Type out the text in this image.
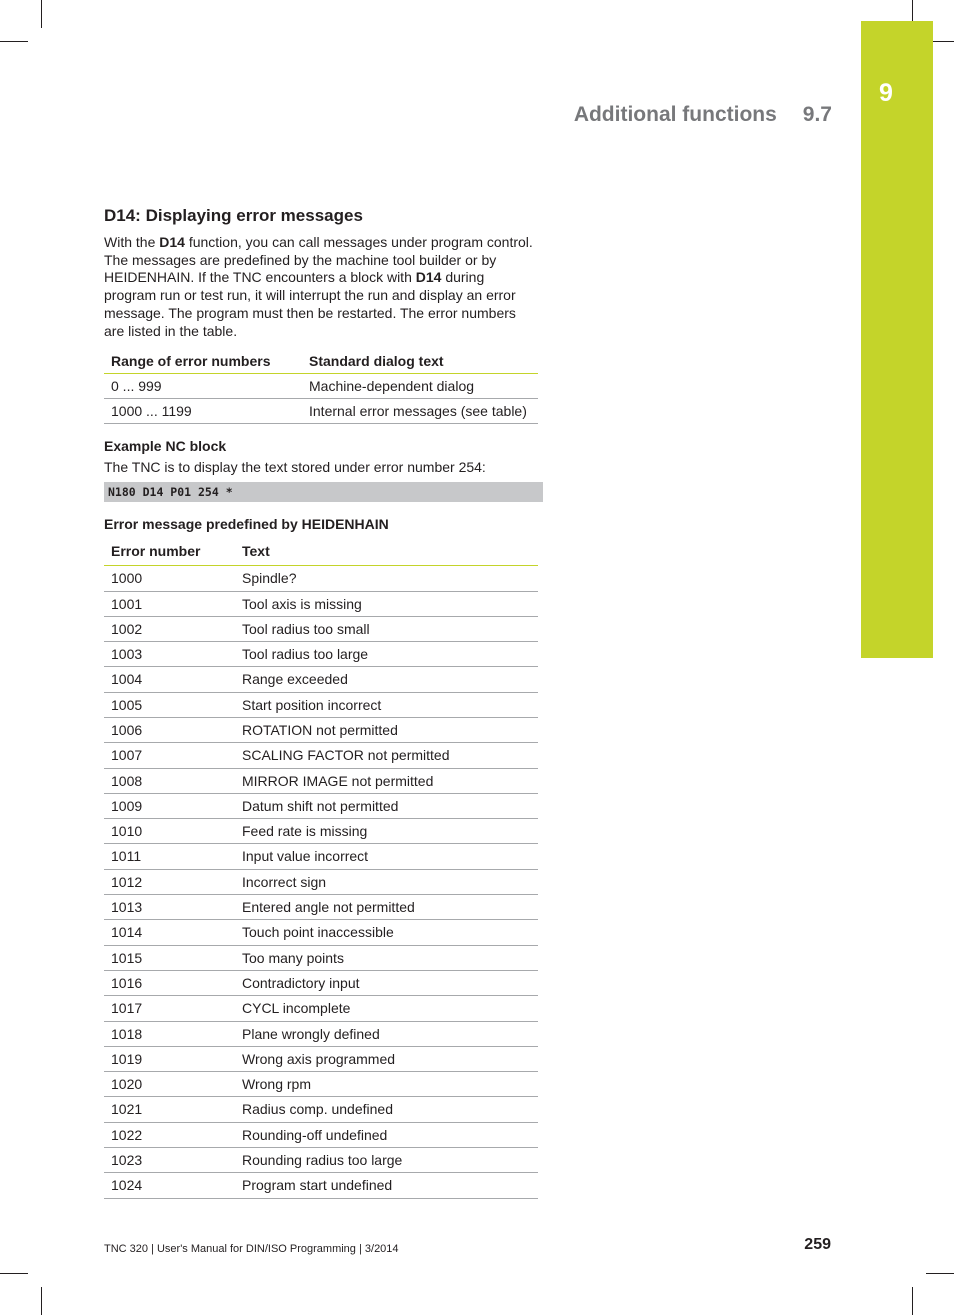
9
Additional functions 9.7
D14: Displaying error messages

With the D14 function, you can call messages under program control. The messages are predefined by the machine tool builder or by HEIDENHAIN. If the TNC encounters a block with D14 during program run or test run, it will interrupt the run and display an error message. The program must then be restarted. The error numbers are listed in the table.

Range of error numbers	Standard dialog text
0 ... 999	Machine-dependent dialog
1000 ... 1199	Internal error messages (see table)

Example NC block

The TNC is to display the text stored under error number 254:

N180 D14 P01 254 *

Error message predefined by HEIDENHAIN

Error number	Text
1000	Spindle?
1001	Tool axis is missing
1002	Tool radius too small
1003	Tool radius too large
1004	Range exceeded
1005	Start position incorrect
1006	ROTATION not permitted
1007	SCALING FACTOR not permitted
1008	MIRROR IMAGE not permitted
1009	Datum shift not permitted
1010	Feed rate is missing
1011	Input value incorrect
1012	Incorrect sign
1013	Entered angle not permitted
1014	Touch point inaccessible
1015	Too many points
1016	Contradictory input
1017	CYCL incomplete
1018	Plane wrongly defined
1019	Wrong axis programmed
1020	Wrong rpm
1021	Radius comp. undefined
1022	Rounding-off undefined
1023	Rounding radius too large
1024	Program start undefined
TNC 320 | User's Manual for DIN/ISO Programming | 3/2014	259
